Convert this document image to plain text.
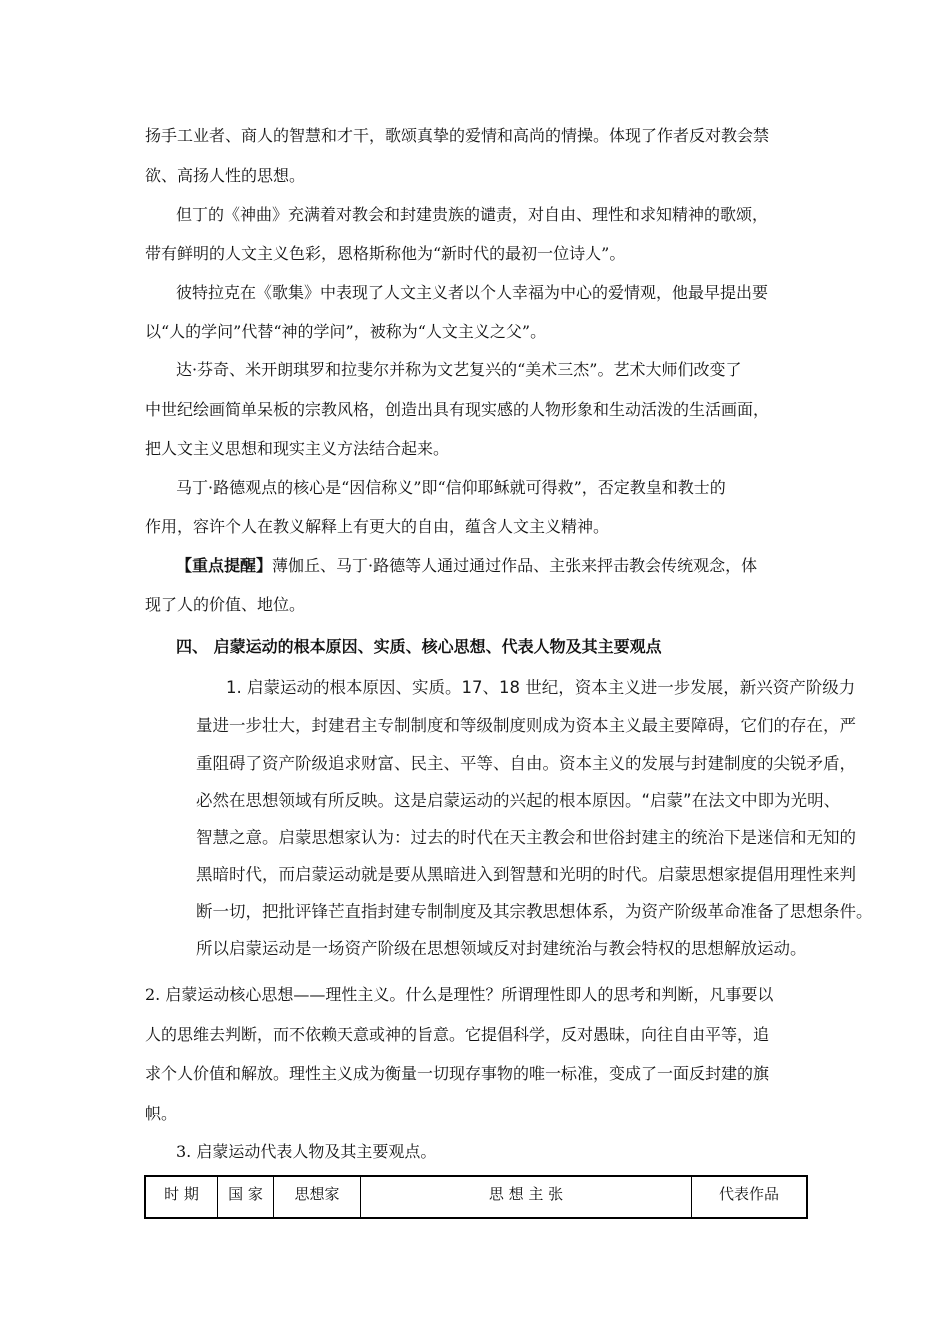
扬手工业者、商人的智慧和才干，歌颂真挚的爱情和高尚的情操。体现了作者反对教会禁
欲、高扬人性的思想。
但丁的《神曲》充满着对教会和封建贵族的谴责，对自由、理性和求知精神的歌颂，
带有鲜明的人文主义色彩，恩格斯称他为“新时代的最初一位诗人”。
彼特拉克在《歌集》中表现了人文主义者以个人幸福为中心的爱情观，他最早提出要
以“人的学问”代替“神的学问”，被称为“人文主义之父”。
达·芬奇、米开朗琪罗和拉斐尔并称为文艺复兴的“美术三杰”。艺术大师们改变了
中世纪绘画简单呆板的宗教风格，创造出具有现实感的人物形象和生动活泼的生活画面，
把人文主义思想和现实主义方法结合起来。
马丁·路德观点的核心是“因信称义”即“信仰耶稣就可得救”，否定教皇和教士的
作用，容许个人在教义解释上有更大的自由，蕴含人文主义精神。
【重点提醒】薄伽丘、马丁·路德等人通过通过作品、主张来抨击教会传统观念，体
现了人的价值、地位。
四、 启蒙运动的根本原因、实质、核心思想、代表人物及其主要观点
1. 启蒙运动的根本原因、实质。17、18 世纪，资本主义进一步发展，新兴资产阶级力
量进一步壮大，封建君主专制制度和等级制度则成为资本主义最主要障碍，它们的存在，严
重阻碍了资产阶级追求财富、民主、平等、自由。资本主义的发展与封建制度的尖锐矛盾，
必然在思想领域有所反映。这是启蒙运动的兴起的根本原因。“启蒙”在法文中即为光明、
智慧之意。启蒙思想家认为：过去的时代在天主教会和世俗封建主的统治下是迷信和无知的
黑暗时代，而启蒙运动就是要从黑暗进入到智慧和光明的时代。启蒙思想家提倡用理性来判
断一切，把批评锋芒直指封建专制制度及其宗教思想体系，为资产阶级革命准备了思想条件。
所以启蒙运动是一场资产阶级在思想领域反对封建统治与教会特权的思想解放运动。
2. 启蒙运动核心思想——理性主义。什么是理性？所谓理性即人的思考和判断，凡事要以
人的思维去判断，而不依赖天意或神的旨意。它提倡科学，反对愚昧，向往自由平等，追
求个人价值和解放。理性主义成为衡量一切现存事物的唯一标准，变成了一面反封建的旗
帜。
3. 启蒙运动代表人物及其主要观点。
时 期	国 家	思想家	思 想 主 张	代表作品
